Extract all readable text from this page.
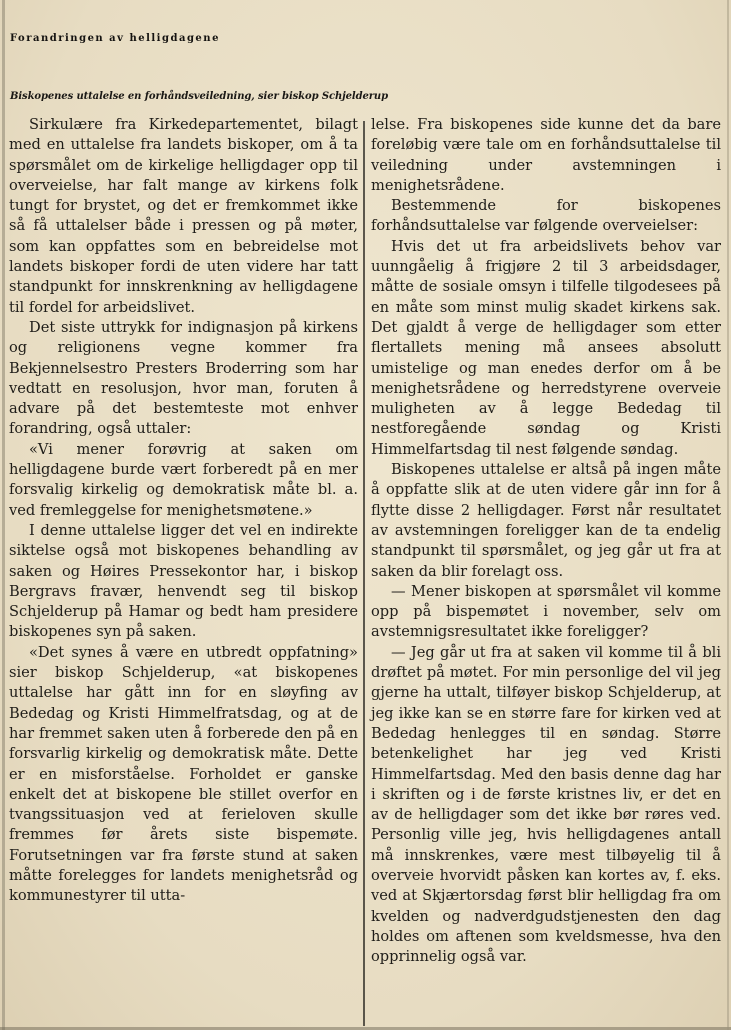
Forandringen av helligdagene
Biskopenes uttalelse en forhåndsveiledning, sier biskop Schjelderup

Sirkulære fra Kirkedepartementet, bilagt med en uttalelse fra landets biskoper, om å ta spørsmålet om de kirkelige helligdager opp til overveielse, har falt mange av kirkens folk tungt for brystet, og det er fremkommet ikke så få uttalelser både i pressen og på møter, som kan oppfattes som en bebreidelse mot landets biskoper fordi de uten videre har tatt standpunkt for innskrenkning av helligdagene til fordel for arbeidslivet.

Det siste uttrykk for indignasjon på kirkens og religionens vegne kommer fra Bekjennelsestro Presters Broderring som har vedtatt en resolusjon, hvor man, foruten å advare på det bestemteste mot enhver forandring, også uttaler:

«Vi mener forøvrig at saken om helligdagene burde vært forberedt på en mer forsvalig kirkelig og demokratisk måte bl. a. ved fremleggelse for menighetsmøtene.»

I denne uttalelse ligger det vel en indirekte siktelse også mot biskopenes behandling av saken og Høires Pressekontor har, i biskop Bergravs fravær, henvendt seg til biskop Schjelderup på Hamar og bedt ham presidere biskopenes syn på saken.

«Det synes å være en utbredt oppfatning» sier biskop Schjelderup, «at biskopenes uttalelse har gått inn for en sløyfing av Bededag og Kristi Himmelfratsdag, og at de har fremmet saken uten å forberede den på en forsvarlig kirkelig og demokratisk måte. Dette er en misforståelse. Forholdet er ganske enkelt det at biskopene ble stillet overfor en tvangssituasjon ved at ferieloven skulle fremmes før årets siste bispemøte. Forutsetningen var fra første stund at saken måtte forelegges for landets menighetsråd og kommunestyrer til utta-

lelse. Fra biskopenes side kunne det da bare foreløbig være tale om en forhåndsuttalelse til veiledning under avstemningen i menighetsrådene.

Bestemmende for biskopenes forhåndsuttalelse var følgende overveielser:

Hvis det ut fra arbeidslivets behov var uunngåelig å frigjøre 2 til 3 arbeidsdager, måtte de sosiale omsyn i tilfelle tilgodesees på en måte som minst mulig skadet kirkens sak. Det gjaldt å verge de helligdager som etter flertallets mening må ansees absolutt umistelige og man enedes derfor om å be menighetsrådene og herredstyrene overveie muligheten av å legge Bededag til nestforegående søndag og Kristi Himmelfartsdag til nest følgende søndag.

Biskopenes uttalelse er altså på ingen måte å oppfatte slik at de uten videre går inn for å flytte disse 2 helligdager. Først når resultatet av avstemningen foreligger kan de ta endelig standpunkt til spørsmålet, og jeg går ut fra at saken da blir forelagt oss.

— Mener biskopen at spørsmålet vil komme opp på bispemøtet i november, selv om avstemnigsresultatet ikke foreligger?

— Jeg går ut fra at saken vil komme til å bli drøftet på møtet. For min personlige del vil jeg gjerne ha uttalt, tilføyer biskop Schjelderup, at jeg ikke kan se en større fare for kirken ved at Bededag henlegges til en søndag. Større betenkelighet har jeg ved Kristi Himmelfartsdag. Med den basis denne dag har i skriften og i de første kristnes liv, er det en av de helligdager som det ikke bør røres ved. Personlig ville jeg, hvis helligdagenes antall må innskrenkes, være mest tilbøyelig til å overveie hvorvidt påsken kan kortes av, f. eks. ved at Skjærtorsdag først blir helligdag fra om kvelden og nadverdgudstjenesten den dag holdes om aftenen som kveldsmesse, hva den opprinnelig også var.
